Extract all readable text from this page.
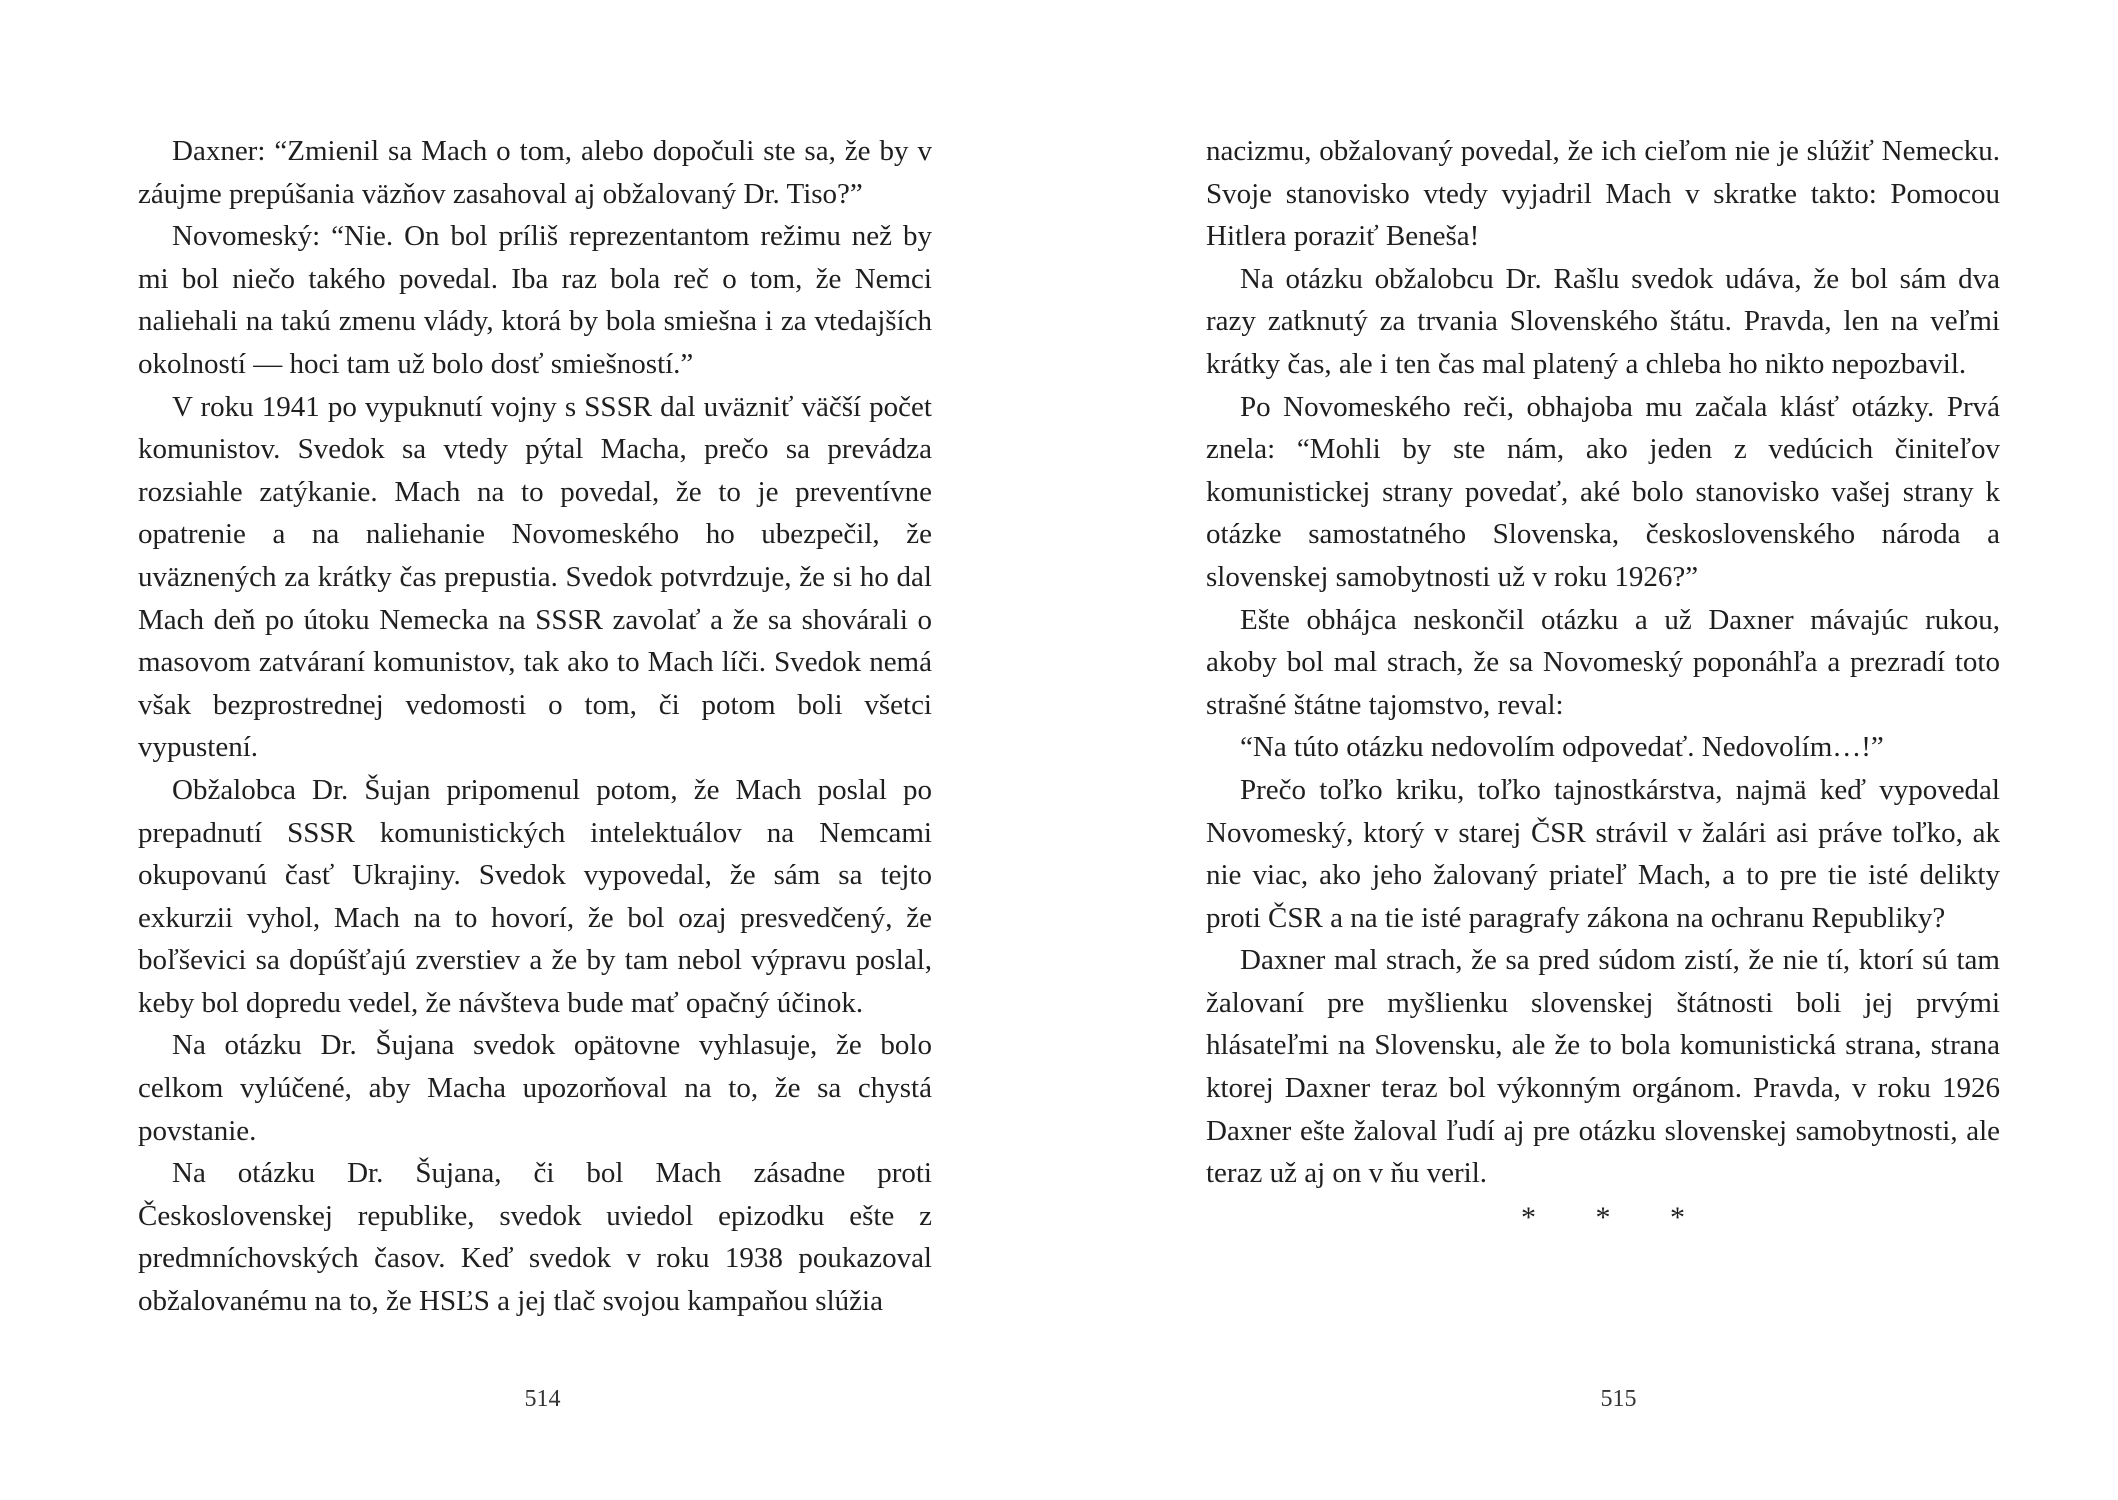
Daxner: “Zmienil sa Mach o tom, alebo dopočuli ste sa, že by v záujme prepúšania väzňov zasahoval aj obžalovaný Dr. Tiso?”

Novomeský: “Nie. On bol príliš reprezentantom režimu než by mi bol niečo takého povedal. Iba raz bola reč o tom, že Nemci naliehali na takú zmenu vlády, ktorá by bola smiešna i za vtedajších okolností — hoci tam už bolo dosť smiešností.”

V roku 1941 po vypuknutí vojny s SSSR dal uväzniť väčší počet komunistov. Svedok sa vtedy pýtal Macha, prečo sa prevádza rozsiahle zatýkanie. Mach na to povedal, že to je preventívne opatrenie a na naliehanie Novomeského ho ubezpečil, že uväznených za krátky čas prepustia. Svedok potvrdzuje, že si ho dal Mach deň po útoku Nemecka na SSSR zavolať a že sa shovárali o masovom zatváraní komunistov, tak ako to Mach líči. Svedok nemá však bezprostrednej vedomosti o tom, či potom boli všetci vypustení.

Obžalobca Dr. Šujan pripomenul potom, že Mach poslal po prepadnutí SSSR komunistických intelektuálov na Nemcami okupovanú časť Ukrajiny. Svedok vypovedal, že sám sa tejto exkurzii vyhol, Mach na to hovorí, že bol ozaj presvedčený, že boľševici sa dopúšťajú zverstiev a že by tam nebol výpravu poslal, keby bol dopredu vedel, že návšteva bude mať opačný účinok.

Na otázku Dr. Šujana svedok opätovne vyhlasuje, že bolo celkom vylúčené, aby Macha upozorňoval na to, že sa chystá povstanie.

Na otázku Dr. Šujana, či bol Mach zásadne proti Československej republike, svedok uviedol epizodku ešte z predmníchovských časov. Keď svedok v roku 1938 poukazoval obžalovanému na to, že HSĽS a jej tlač svojou kampaňou slúžia

514

nacizmu, obžalovaný povedal, že ich cieľom nie je slúžiť Nemecku. Svoje stanovisko vtedy vyjadril Mach v skratke takto: Pomocou Hitlera poraziť Beneša!

Na otázku obžalobcu Dr. Rašlu svedok udáva, že bol sám dva razy zatknutý za trvania Slovenského štátu. Pravda, len na veľmi krátky čas, ale i ten čas mal platený a chleba ho nikto nepozbavil.

Po Novomeského reči, obhajoba mu začala klásť otázky. Prvá znela: “Mohli by ste nám, ako jeden z vedúcich činiteľov komunistickej strany povedať, aké bolo stanovisko vašej strany k otázke samostatného Slovenska, československého národa a slovenskej samobytnosti už v roku 1926?”

Ešte obhájca neskončil otázku a už Daxner mávajúc rukou, akoby bol mal strach, že sa Novomeský poponáhľa a prezradí toto strašné štátne tajomstvo, reval:

“Na túto otázku nedovolím odpovedať. Nedovolím…!”

Prečo toľko kriku, toľko tajnostkárstva, najmä keď vypovedal Novomeský, ktorý v starej ČSR strávil v žalári asi práve toľko, ak nie viac, ako jeho žalovaný priateľ Mach, a to pre tie isté delikty proti ČSR a na tie isté paragrafy zákona na ochranu Republiky?

Daxner mal strach, že sa pred súdom zistí, že nie tí, ktorí sú tam žalovaní pre myšlienku slovenskej štátnosti boli jej prvými hlásateľmi na Slovensku, ale že to bola komunistická strana, strana ktorej Daxner teraz bol výkonným orgánom. Pravda, v roku 1926 Daxner ešte žaloval ľudí aj pre otázku slovenskej samobytnosti, ale teraz už aj on v ňu veril.

* * *
515
